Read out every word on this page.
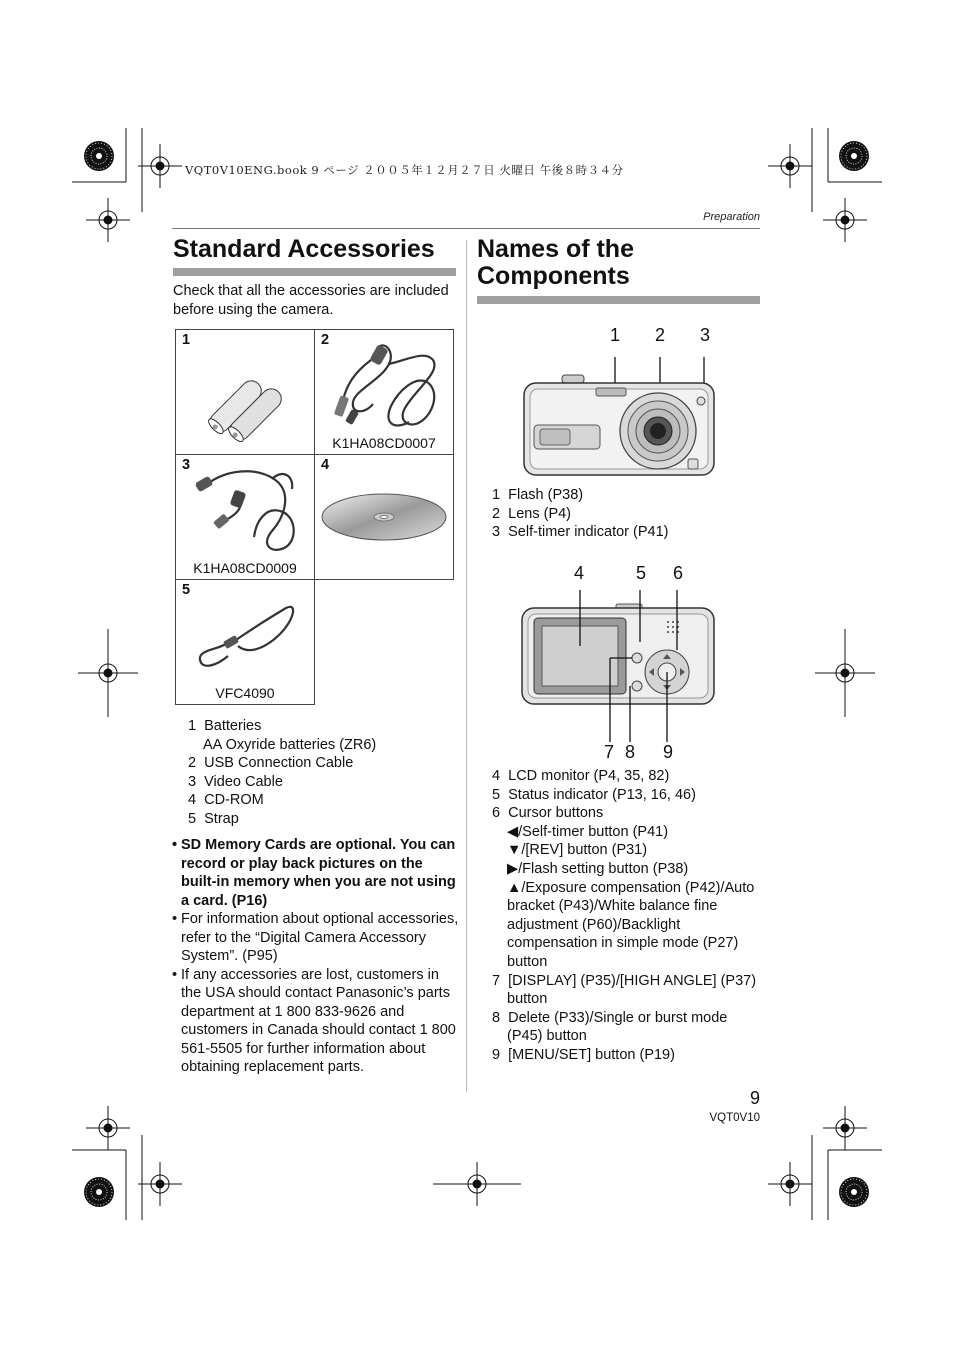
VQT0V10ENG.book 9 ページ ２００５年１２月２７日 火曜日 午後８時３４分
Preparation
Standard Accessories

Check that all the accessories are included before using the camera.

1	2
K1HA08CD0007

3
K1HA08CD0009	4

5
VFC4090	

1 Batteries
AA Oxyride batteries (ZR6)
2 USB Connection Cable
3 Video Cable
4 CD-ROM
5 Strap
• SD Memory Cards are optional. You can record or play back pictures on the built-in memory when you are not using a card. (P16)
• For information about optional accessories, refer to the “Digital Camera Accessory System”. (P95)
• If any accessories are lost, customers in the USA should contact Panasonic’s parts department at 1 800 833-9626 and customers in Canada should contact 1 800 561-5505 for further information about obtaining replacement parts.
Names of the
Components
1 2 3
1 Flash (P38)
2 Lens (P4)
3 Self-timer indicator (P41)
4	5 6
7 8 9
4 LCD monitor (P4, 35, 82)
5 Status indicator (P13, 16, 46)
6 Cursor buttons
◀/Self-timer button (P41)
▼/[REV] button (P31)
▶/Flash setting button (P38)
▲/Exposure compensation (P42)/Auto bracket (P43)/White balance fine adjustment (P60)/Backlight compensation in simple mode (P27) button
7 [DISPLAY] (P35)/[HIGH ANGLE] (P37) button
8 Delete (P33)/Single or burst mode (P45) button
9 [MENU/SET] button (P19)
9
VQT0V10
